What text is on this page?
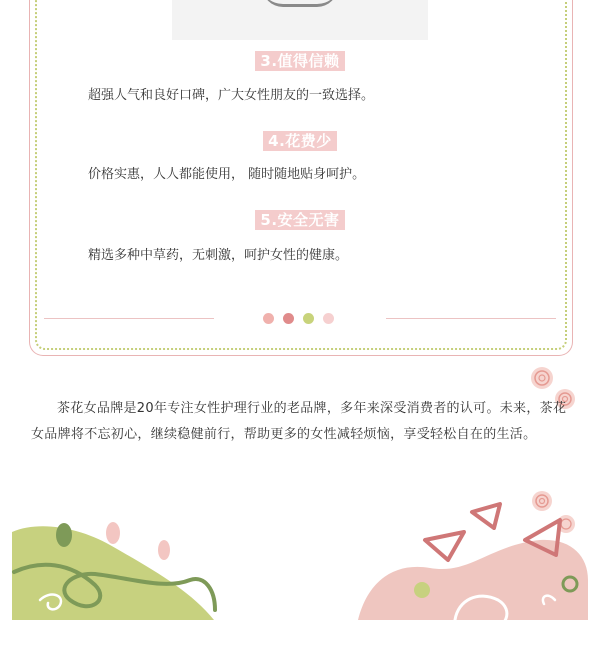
3.值得信赖
超强人气和良好口碑，广大女性朋友的一致选择。
4.花费少
价格实惠，人人都能使用， 随时随地贴身呵护。
5.安全无害
精选多种中草药，无刺激，呵护女性的健康。
茶花女品牌是20年专注女性护理行业的老品牌，多年来深受消费者的认可。未来，茶花女品牌将不忘初心，继续稳健前行，帮助更多的女性减轻烦恼，享受轻松自在的生活。
